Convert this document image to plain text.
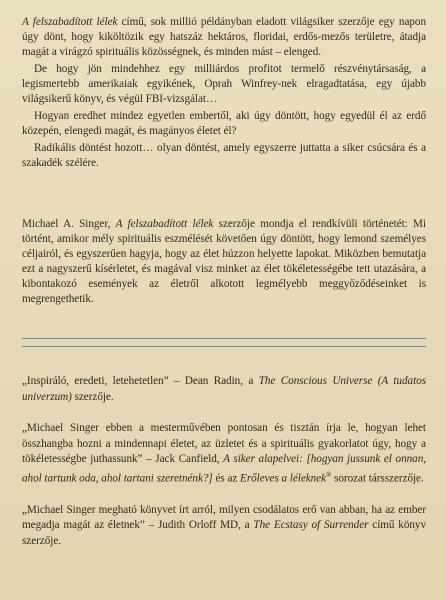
A felszabadított lélek című, sok millió példányban eladott világsiker szerzője egy napon úgy dönt, hogy kiköltözik egy hatszáz hektáros, floridai, erdős-mezős területre, átadja magát a virágzó spirituális közösségnek, és minden mást – elenged.

De hogy jön mindehhez egy milliárdos profitot termelő részvénytársaság, a legismertebb amerikaiak egyikének, Oprah Winfrey-nek elragadtatása, egy újabb világsikerű könyv, és végül FBI-vizsgálat…

Hogyan eredhet mindez egyetlen embertől, aki úgy döntött, hogy egyedül él az erdő közepén, elengedi magát, és magányos életet él?

Radikális döntést hozott… olyan döntést, amely egyszerre juttatta a siker csúcsára és a szakadék szélére.

Michael A. Singer, A felszabadított lélek szerzője mondja el rendkívüli történetét: Mi történt, amikor mély spirituális eszmélését követően úgy döntött, hogy lemond személyes céljairól, és egyszerűen hagyja, hogy az élet húzzon helyette lapokat. Miközben bemutatja ezt a nagyszerű kísérletet, és magával visz minket az élet tökéletességébe tett utazására, a kibontakozó események az életről alkotott legmélyebb meggyőződéseinket is megrengethetik.

„Inspiráló, eredeti, letehetetlen” – Dean Radin, a The Conscious Universe (A tudatos univerzum) szerzője.

„Michael Singer ebben a mesterművében pontosan és tisztán írja le, hogyan lehet összhangba hozni a mindennapi életet, az üzletet és a spirituális gyakorlatot úgy, hogy a tökéletességbe juthassunk” – Jack Canfield, A siker alapelvei: [hogyan jussunk el onnan, ahol tartunk oda, ahol tartani szeretnénk?] és az Erőleves a léleknek® sorozat társszerzője.

„Michael Singer megható könyvet írt arról, milyen csodálatos erő van abban, ha az ember megadja magát az életnek” – Judith Orloff MD, a The Ecstasy of Surrender című könyv szerzője.
